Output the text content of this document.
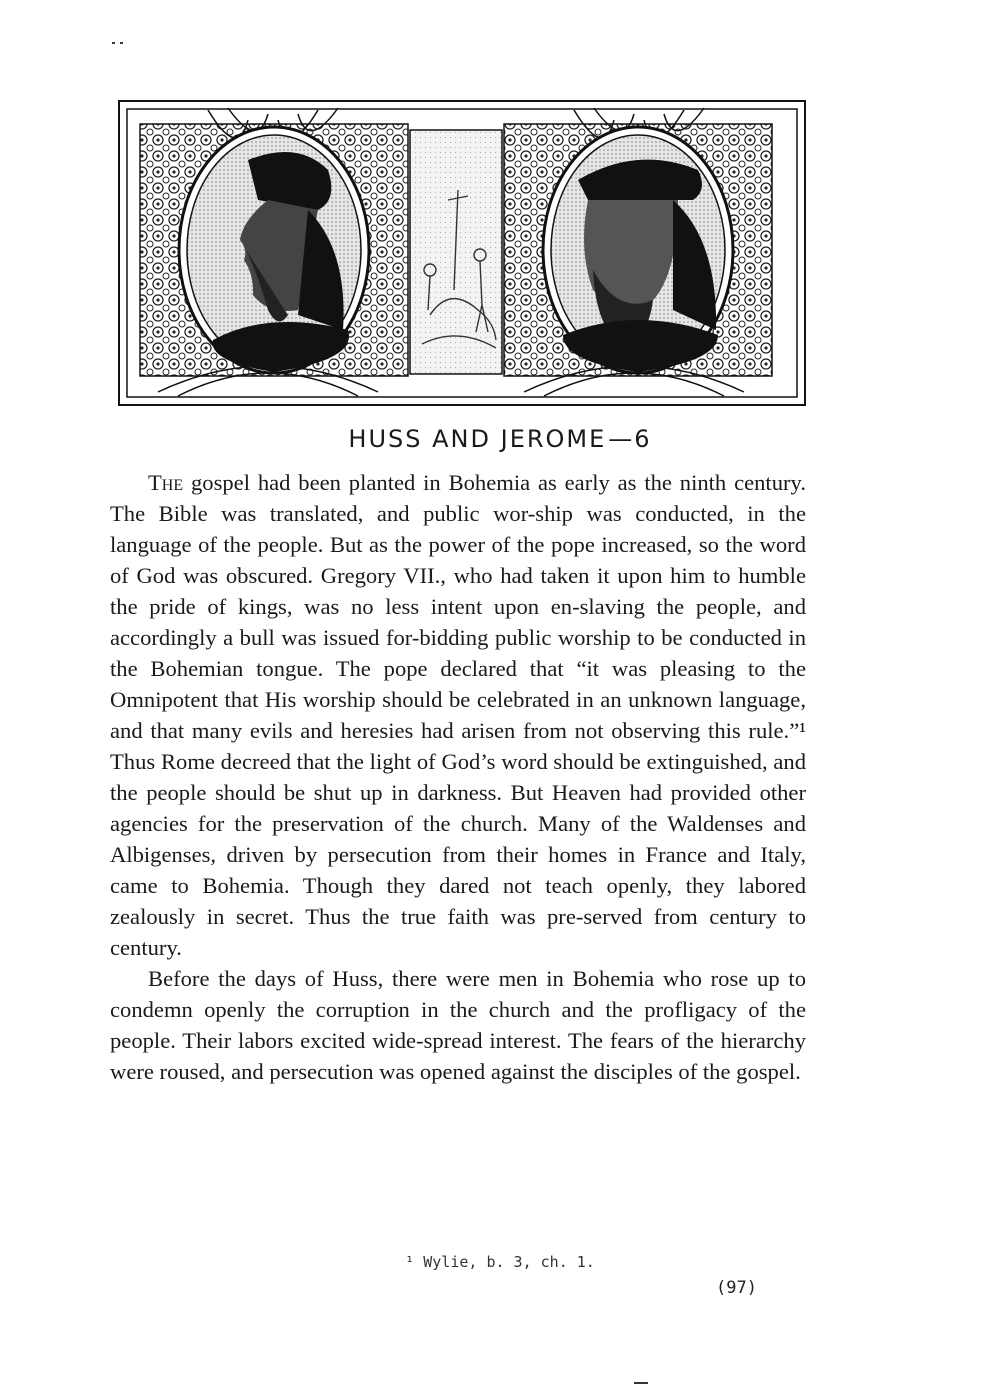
HUSS AND JEROME—6

The gospel had been planted in Bohemia as early as the ninth century. The Bible was translated, and public wor-ship was conducted, in the language of the people. But as the power of the pope increased, so the word of God was obscured. Gregory VII., who had taken it upon him to humble the pride of kings, was no less intent upon en-slaving the people, and accordingly a bull was issued for-bidding public worship to be conducted in the Bohemian tongue. The pope declared that “it was pleasing to the Omnipotent that His worship should be celebrated in an unknown language, and that many evils and heresies had arisen from not observing this rule.”¹ Thus Rome decreed that the light of God’s word should be extinguished, and the people should be shut up in darkness. But Heaven had provided other agencies for the preservation of the church. Many of the Waldenses and Albigenses, driven by persecution from their homes in France and Italy, came to Bohemia. Though they dared not teach openly, they labored zealously in secret. Thus the true faith was pre-served from century to century.

Before the days of Huss, there were men in Bohemia who rose up to condemn openly the corruption in the church and the profligacy of the people. Their labors excited wide-spread interest. The fears of the hierarchy were roused, and persecution was opened against the disciples of the gospel.

¹ Wylie, b. 3, ch. 1.
(97)
